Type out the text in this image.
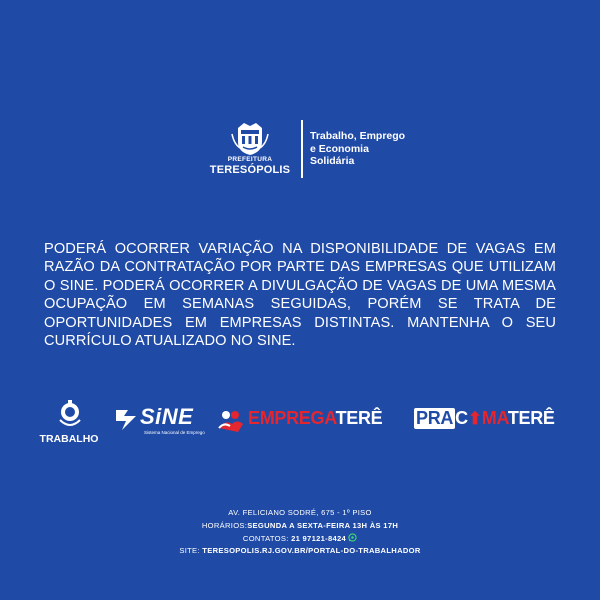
PREFEITURA
TERESÓPOLIS
Trabalho, Emprego
e Economia
Solidária
PODERÁ OCORRER VARIAÇÃO NA DISPONIBILIDADE DE VAGAS EM RAZÃO DA CONTRATAÇÃO POR PARTE DAS EMPRESAS QUE UTILIZAM O SINE. PODERÁ OCORRER A DIVULGAÇÃO DE VAGAS DE UMA MESMA OCUPAÇÃO EM SEMANAS SEGUIDAS, PORÉM SE TRATA DE OPORTUNIDADES EM EMPRESAS DISTINTAS. MANTENHA O SEU CURRÍCULO ATUALIZADO NO SINE.
TRABALHO
SiNE
Sistema Nacional de Emprego
EMPREGATERÊ PRA C⬆MATERÊ
AV. FELICIANO SODRÉ, 675 - 1º PISO
HORÁRIOS:SEGUNDA A SEXTA-FEIRA 13H ÀS 17H
CONTATOS: 21 97121-8424
SITE: TERESOPOLIS.RJ.GOV.BR/PORTAL-DO-TRABALHADOR
